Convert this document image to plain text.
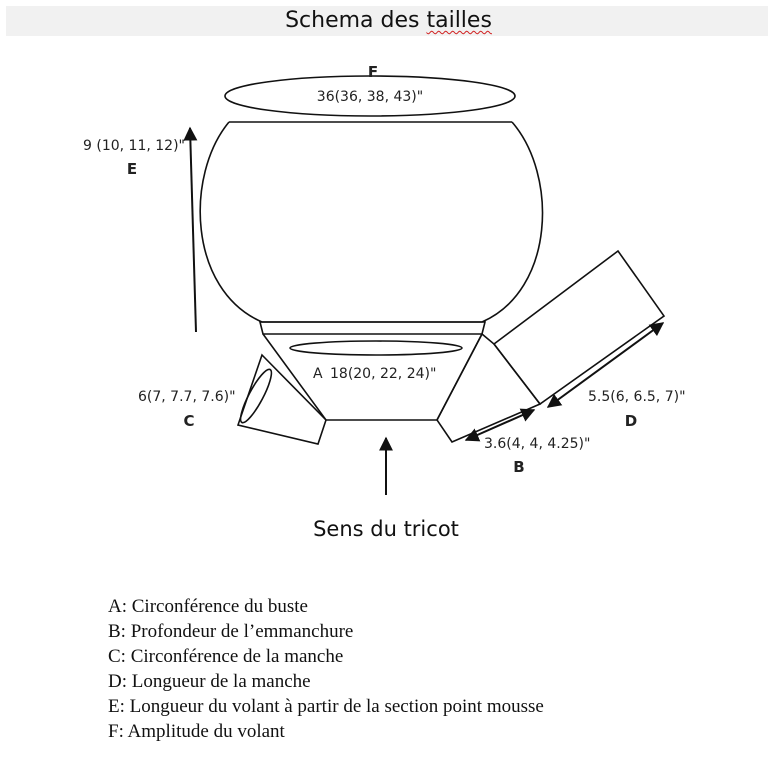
Schema des tailles
F
36(36, 38, 43)"
9 (10, 11, 12)"
E
A 18(20, 22, 24)"
6(7, 7.7, 7.6)"
C
5.5(6, 6.5, 7)"
D
3.6(4, 4, 4.25)"
B
Sens du tricot
A: Circonférence du buste
B: Profondeur de l’emmanchure
C: Circonférence de la manche
D: Longueur de la manche
E: Longueur du volant à partir de la section point mousse
F: Amplitude du volant
